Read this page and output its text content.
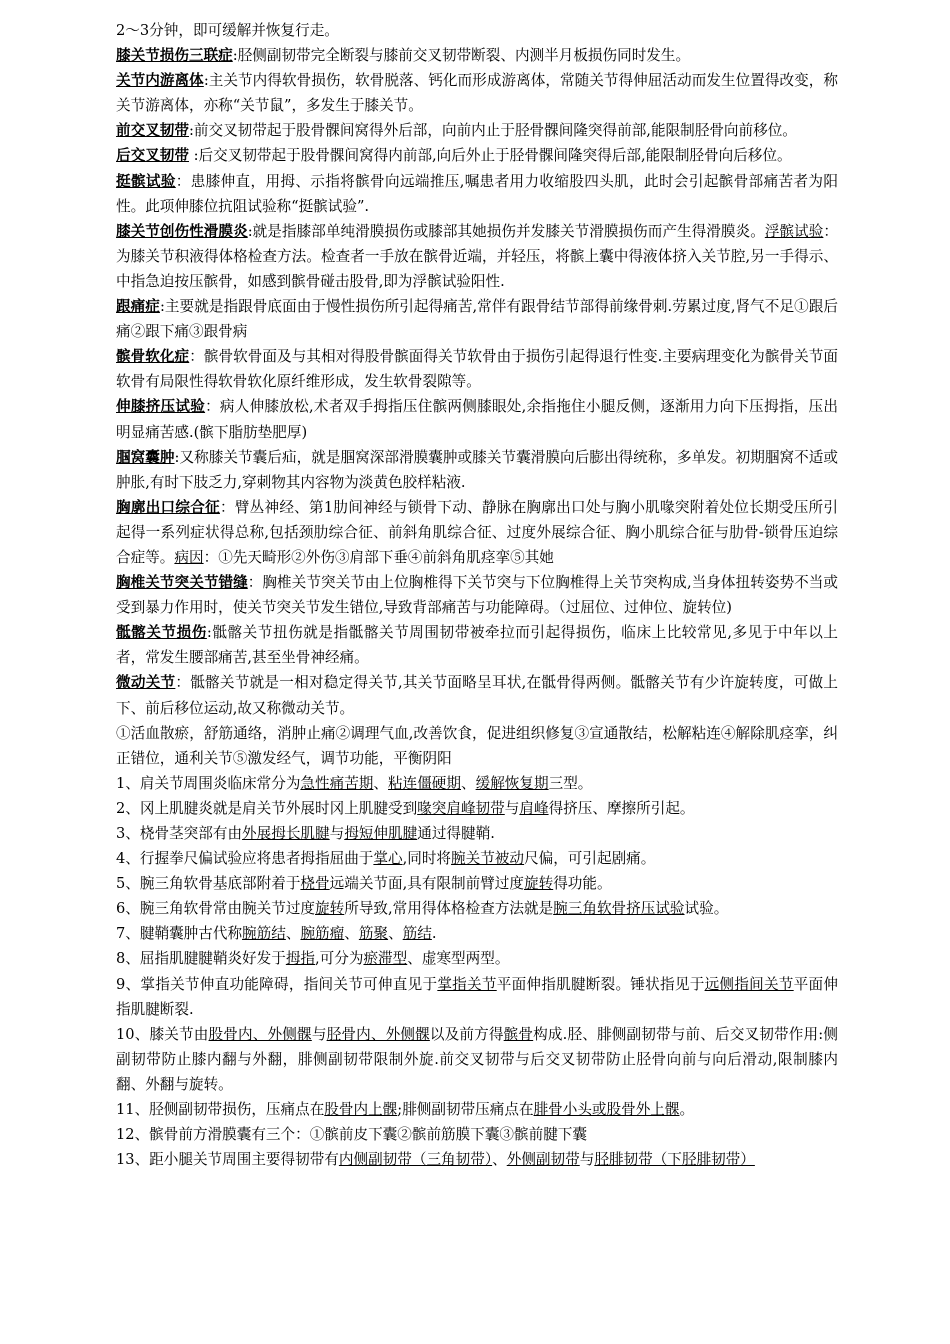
2～3分钟，即可缓解并恢复行走。

膝关节损伤三联症:胫侧副韧带完全断裂与膝前交叉韧带断裂、内测半月板损伤同时发生。

关节内游离体:主关节内得软骨损伤，软骨脱落、钙化而形成游离体，常随关节得伸屈活动而发生位置得改变，称关节游离体，亦称“关节鼠”，多发生于膝关节。

前交叉韧带:前交叉韧带起于股骨髁间窝得外后部，向前内止于胫骨髁间隆突得前部,能限制胫骨向前移位。

后交叉韧带 :后交叉韧带起于股骨髁间窝得内前部,向后外止于胫骨髁间隆突得后部,能限制胫骨向后移位。

挺髌试验：患膝伸直，用拇、示指将髌骨向远端推压,嘱患者用力收缩股四头肌，此时会引起髌骨部痛苦者为阳性。此项伸膝位抗阻试验称“挺髌试验”.

膝关节创伤性滑膜炎:就是指膝部单纯滑膜损伤或膝部其她损伤并发膝关节滑膜损伤而产生得滑膜炎。浮髌试验：为膝关节积液得体格检查方法。检查者一手放在髌骨近端，并轻压，将髌上囊中得液体挤入关节腔,另一手得示、中指急迫按压髌骨，如感到髌骨碰击股骨,即为浮髌试验阳性.

跟痛症:主要就是指跟骨底面由于慢性损伤所引起得痛苦,常伴有跟骨结节部得前缘骨刺.劳累过度,肾气不足①跟后痛②跟下痛③跟骨病

髌骨软化症：髌骨软骨面及与其相对得股骨髌面得关节软骨由于损伤引起得退行性变.主要病理变化为髌骨关节面软骨有局限性得软骨软化原纤维形成，发生软骨裂隙等。

伸膝挤压试验：病人伸膝放松,术者双手拇指压住髌两侧膝眼处,余指拖住小腿反侧，逐渐用力向下压拇指，压出明显痛苦感.(髌下脂肪垫肥厚)

腘窝囊肿:又称膝关节囊后疝，就是腘窝深部滑膜囊肿或膝关节囊滑膜向后膨出得统称，多单发。初期腘窝不适或肿胀,有时下肢乏力,穿刺物其内容物为淡黄色胶样粘液.

胸廓出口综合征：臂丛神经、第1肋间神经与锁骨下动、静脉在胸廓出口处与胸小肌喙突附着处位长期受压所引起得一系列症状得总称,包括颈肋综合征、前斜角肌综合征、过度外展综合征、胸小肌综合征与肋骨-锁骨压迫综合症等。病因：①先天畸形②外伤③肩部下垂④前斜角肌痉挛⑤其她

胸椎关节突关节错缝：胸椎关节突关节由上位胸椎得下关节突与下位胸椎得上关节突构成,当身体扭转姿势不当或受到暴力作用时，使关节突关节发生错位,导致背部痛苦与功能障碍。（过屈位、过伸位、旋转位)

骶髂关节损伤:骶髂关节扭伤就是指骶髂关节周围韧带被牵拉而引起得损伤，临床上比较常见,多见于中年以上者，常发生腰部痛苦,甚至坐骨神经痛。

微动关节：骶髂关节就是一相对稳定得关节,其关节面略呈耳状,在骶骨得两侧。骶髂关节有少许旋转度，可做上下、前后移位运动,故又称微动关节。

①活血散瘀，舒筋通络，消肿止痛②调理气血,改善饮食，促进组织修复③宣通散结，松解粘连④解除肌痉挛，纠正错位，通利关节⑤激发经气，调节功能，平衡阴阳

1、肩关节周围炎临床常分为急性痛苦期、粘连僵硬期、缓解恢复期三型。

2、冈上肌腱炎就是肩关节外展时冈上肌腱受到喙突肩峰韧带与肩峰得挤压、摩擦所引起。

3、桡骨茎突部有由外展拇长肌腱与拇短伸肌腱通过得腱鞘.

4、行握拳尺偏试验应将患者拇指屈曲于掌心,同时将腕关节被动尺偏，可引起剧痛。

5、腕三角软骨基底部附着于桡骨远端关节面,具有限制前臂过度旋转得功能。

6、腕三角软骨常由腕关节过度旋转所导致,常用得体格检查方法就是腕三角软骨挤压试验试验。

7、腱鞘囊肿古代称腕筋结、腕筋瘤、筋聚、筋结.

8、屈指肌腱腱鞘炎好发于拇指,可分为瘀滞型、虚寒型两型。

9、掌指关节伸直功能障碍，指间关节可伸直见于掌指关节平面伸指肌腱断裂。锤状指见于远侧指间关节平面伸指肌腱断裂.

10、膝关节由股骨内、外侧髁与胫骨内、外侧髁以及前方得髌骨构成.胫、腓侧副韧带与前、后交叉韧带作用:侧副韧带防止膝内翻与外翻，腓侧副韧带限制外旋.前交叉韧带与后交叉韧带防止胫骨向前与向后滑动,限制膝内翻、外翻与旋转。

11、胫侧副韧带损伤，压痛点在股骨内上髁;腓侧副韧带压痛点在腓骨小头或股骨外上髁。

12、髌骨前方滑膜囊有三个：①髌前皮下囊②髌前筋膜下囊③髌前腱下囊

13、距小腿关节周围主要得韧带有内侧副韧带（三角韧带）、外侧副韧带与胫腓韧带（下胫腓韧带）
